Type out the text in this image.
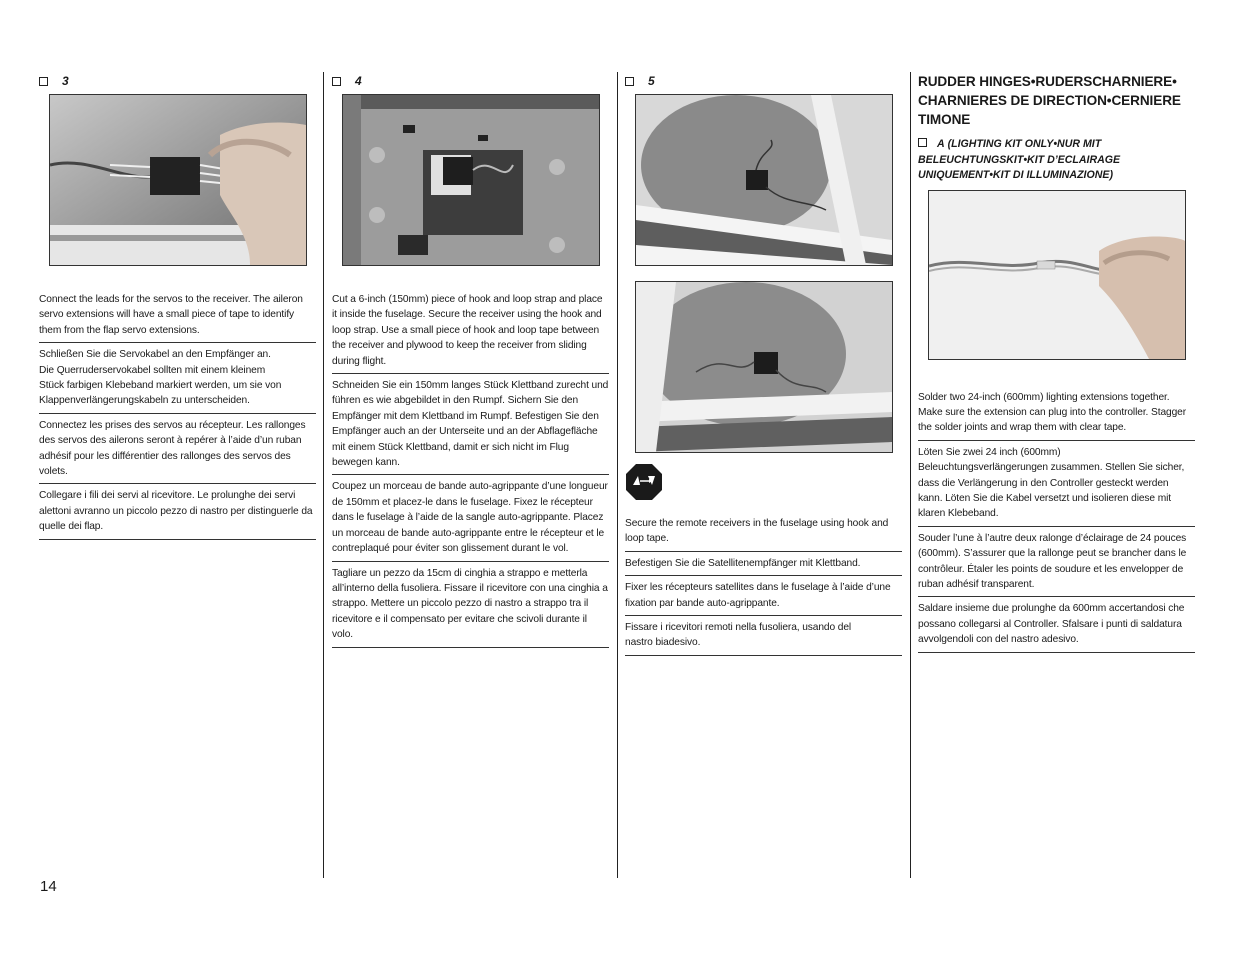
3
Connect the leads for the servos to the receiver. The aileron servo extensions will have a small piece of tape to identify them from the flap servo extensions.
Schließen Sie die Servokabel an den Empfänger an.
Die Querruderservokabel sollten mit einem kleinem
Stück farbigen Klebeband markiert werden, um sie von Klappenverlängerungskabeln zu unterscheiden.
Connectez les prises des servos au récepteur. Les rallonges des servos des ailerons seront à repérer à l’aide d’un ruban adhésif pour les différentier des rallonges des servos des volets.
Collegare i fili dei servi al ricevitore. Le prolunghe dei servi alettoni avranno un piccolo pezzo di nastro per distinguerle da quelle dei flap.
4
Cut a 6-inch (150mm) piece of hook and loop strap and place it inside the fuselage. Secure the receiver using the hook and loop strap. Use a small piece of hook and loop tape between the receiver and plywood to keep the receiver from sliding during flight.
Schneiden Sie ein 150mm langes Stück Klettband zurecht und führen es wie abgebildet in den Rumpf. Sichern Sie den Empfänger mit dem Klettband im Rumpf. Befestigen Sie den Empfänger auch an der Unterseite und an der Abflagefläche mit einem Stück Klettband, damit er sich nicht im Flug bewegen kann.
Coupez un morceau de bande auto-agrippante d’une longueur de 150mm et placez-le dans le fuselage. Fixez le récepteur dans le fuselage à l’aide de la sangle auto-agrippante. Placez un morceau de bande auto-agrippante entre le récepteur et le contreplaqué pour éviter son glissement durant le vol.
Tagliare un pezzo da 15cm di cinghia a strappo e metterla all’interno della fusoliera. Fissare il ricevitore con una cinghia a strappo. Mettere un piccolo pezzo di nastro a strappo tra il ricevitore e il compensato per evitare che scivoli durante il volo.
5
Secure the remote receivers in the fuselage using hook and loop tape.
Befestigen Sie die Satellitenempfänger mit Klettband.
Fixer les récepteurs satellites dans le fuselage à l’aide d’une fixation par bande auto-agrippante.
Fissare i ricevitori remoti nella fusoliera, usando del
nastro biadesivo.
RUDDER HINGES•RUDERSCHARNIERE•
CHARNIERES DE DIRECTION•CERNIERE TIMONE
A (LIGHTING KIT ONLY•NUR MIT BELEUCHTUNGSKIT•KIT D’ECLAIRAGE UNIQUEMENT•KIT DI ILLUMINAZIONE)
Solder two 24-inch (600mm) lighting extensions together. Make sure the extension can plug into the controller. Stagger the solder joints and wrap them with clear tape.
Löten Sie zwei 24 inch (600mm)
Beleuchtungsverlängerungen zusammen. Stellen Sie sicher, dass die Verlängerung in den Controller gesteckt werden kann. Löten Sie die Kabel versetzt und isolieren diese mit klaren Klebeband.
Souder l’une à l’autre deux ralonge d’éclairage de 24 pouces (600mm). S’assurer que la rallonge peut se brancher dans le contrôleur. Étaler les points de soudure et les envelopper de ruban adhésif transparent.
Saldare insieme due prolunghe da 600mm accertandosi che possano collegarsi al Controller. Sfalsare i punti di saldatura avvolgendoli con del nastro adesivo.
14
